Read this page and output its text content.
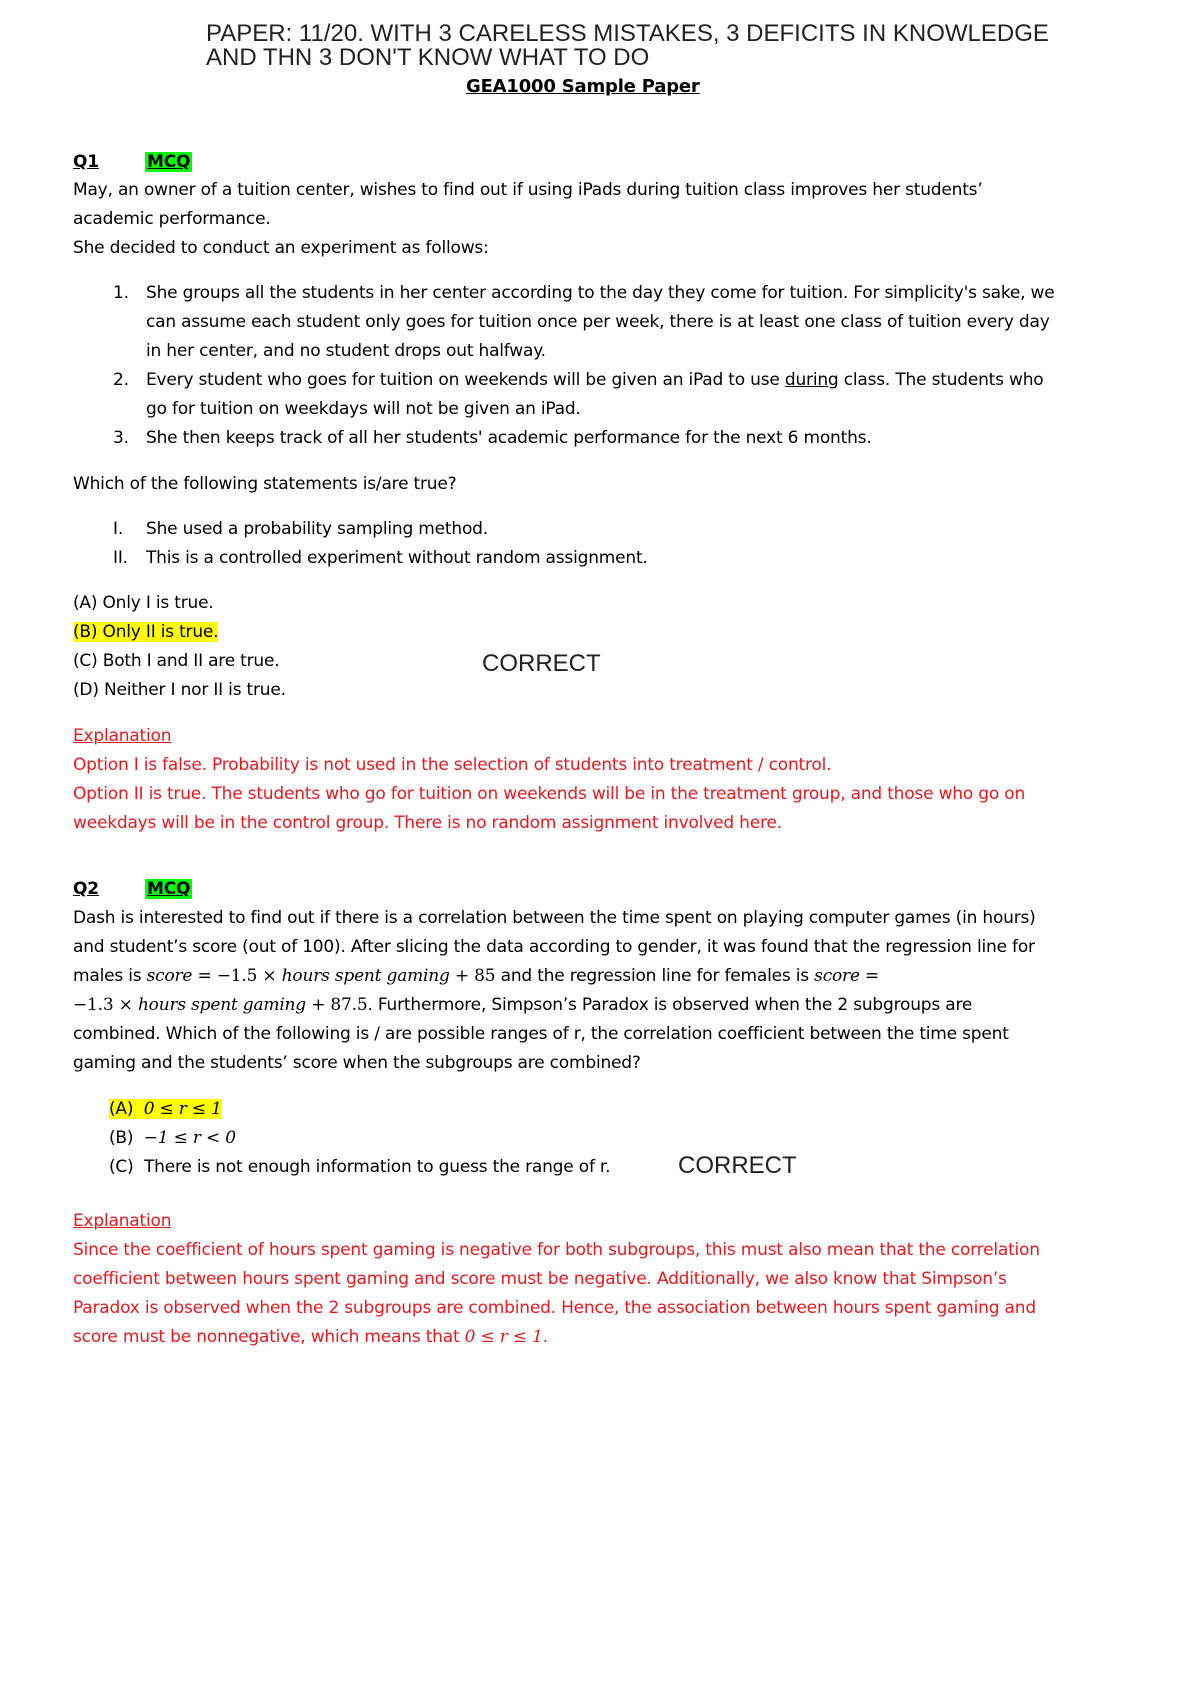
PAPER: 11/20. WITH 3 CARELESS MISTAKES, 3 DEFICITS IN KNOWLEDGE
AND THN 3 DON'T KNOW WHAT TO DO
GEA1000 Sample Paper
Q1	MCQ
May, an owner of a tuition center, wishes to find out if using iPads during tuition class improves her students’
academic performance.
She decided to conduct an experiment as follows:
1. She groups all the students in her center according to the day they come for tuition. For simplicity's sake, we
can assume each student only goes for tuition once per week, there is at least one class of tuition every day
in her center, and no student drops out halfway.
2. Every student who goes for tuition on weekends will be given an iPad to use during class. The students who
go for tuition on weekdays will not be given an iPad.
3. She then keeps track of all her students' academic performance for the next 6 months.
Which of the following statements is/are true?
I. She used a probability sampling method.
II. This is a controlled experiment without random assignment.
(A) Only I is true.
(B) Only II is true.
(C) Both I and II are true.
(D) Neither I nor II is true.
CORRECT
Explanation
Option I is false. Probability is not used in the selection of students into treatment / control.
Option II is true. The students who go for tuition on weekends will be in the treatment group, and those who go on
weekdays will be in the control group. There is no random assignment involved here.
Q2	MCQ
Dash is interested to find out if there is a correlation between the time spent on playing computer games (in hours)
and student’s score (out of 100). After slicing the data according to gender, it was found that the regression line for
males is score = −1.5 × hours spent gaming + 85 and the regression line for females is score =
−1.3 × hours spent gaming + 87.5. Furthermore, Simpson’s Paradox is observed when the 2 subgroups are
combined. Which of the following is / are possible ranges of r, the correlation coefficient between the time spent
gaming and the students’ score when the subgroups are combined?
(A) 0 ≤ r ≤ 1
(B) −1 ≤ r < 0
(C) There is not enough information to guess the range of r.	CORRECT
Explanation
Since the coefficient of hours spent gaming is negative for both subgroups, this must also mean that the correlation
coefficient between hours spent gaming and score must be negative. Additionally, we also know that Simpson’s
Paradox is observed when the 2 subgroups are combined. Hence, the association between hours spent gaming and
score must be nonnegative, which means that 0 ≤ r ≤ 1.
